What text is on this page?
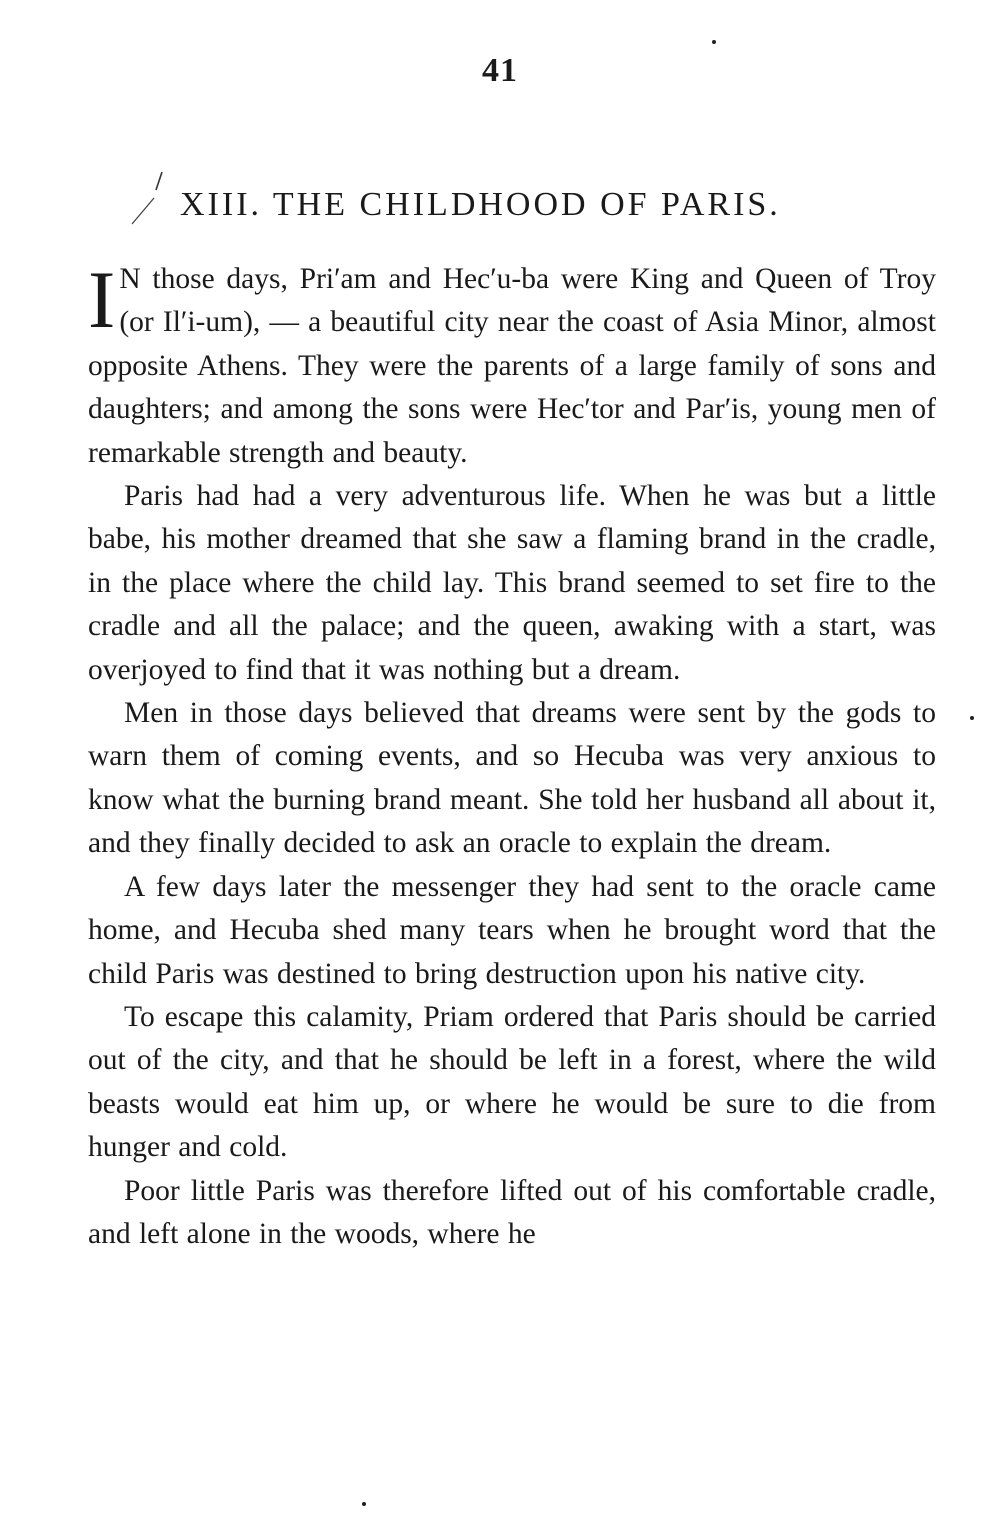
41
XIII. THE CHILDHOOD OF PARIS.

I N those days, Pri′am and Hec′u-ba were King and Queen of Troy (or Il′i-um), — a beautiful city near the coast of Asia Minor, almost opposite Athens. They were the parents of a large family of sons and daughters; and among the sons were Hec′tor and Par′is, young men of remarkable strength and beauty.

Paris had had a very adventurous life. When he was but a little babe, his mother dreamed that she saw a flaming brand in the cradle, in the place where the child lay. This brand seemed to set fire to the cradle and all the palace; and the queen, awaking with a start, was overjoyed to find that it was nothing but a dream.

Men in those days believed that dreams were sent by the gods to warn them of coming events, and so Hecuba was very anxious to know what the burning brand meant. She told her husband all about it, and they finally decided to ask an oracle to explain the dream.

A few days later the messenger they had sent to the oracle came home, and Hecuba shed many tears when he brought word that the child Paris was destined to bring destruction upon his native city.

To escape this calamity, Priam ordered that Paris should be carried out of the city, and that he should be left in a forest, where the wild beasts would eat him up, or where he would be sure to die from hunger and cold.

Poor little Paris was therefore lifted out of his comfortable cradle, and left alone in the woods, where he
